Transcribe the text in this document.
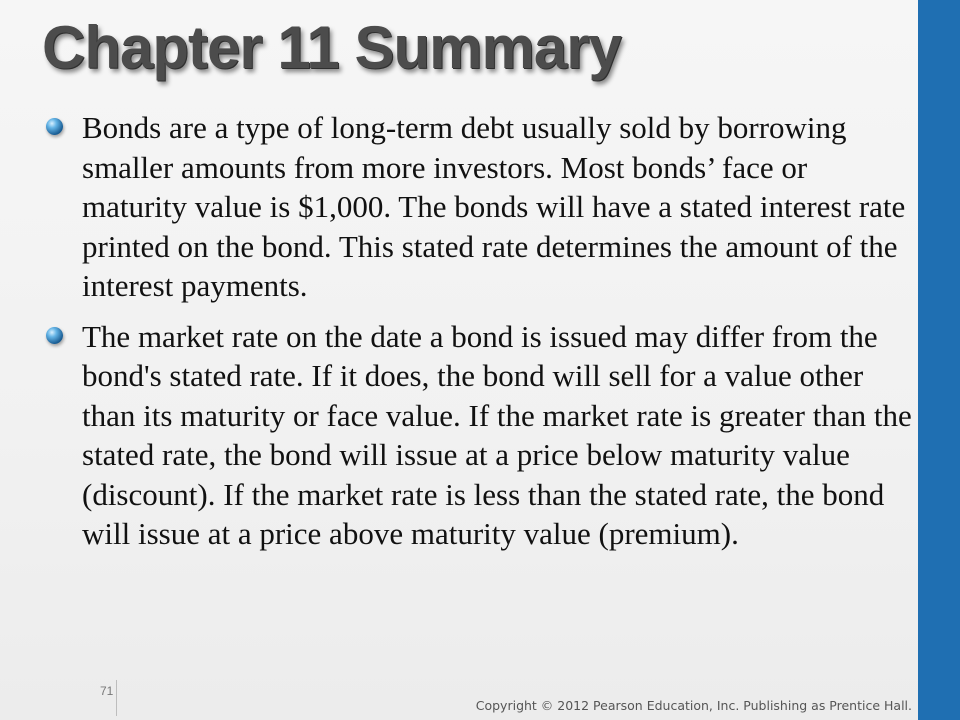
Chapter 11 Summary

Bonds are a type of long-term debt usually sold by borrowing smaller amounts from more investors. Most bonds’ face or maturity value is $1,000. The bonds will have a stated interest rate printed on the bond. This stated rate determines the amount of the interest payments.

The market rate on the date a bond is issued may differ from the bond's stated rate. If it does, the bond will sell for a value other than its maturity or face value. If the market rate is greater than the stated rate, the bond will issue at a price below maturity value (discount). If the market rate is less than the stated rate, the bond will issue at a price above maturity value (premium).

71
Copyright © 2012 Pearson Education, Inc. Publishing as Prentice Hall.
